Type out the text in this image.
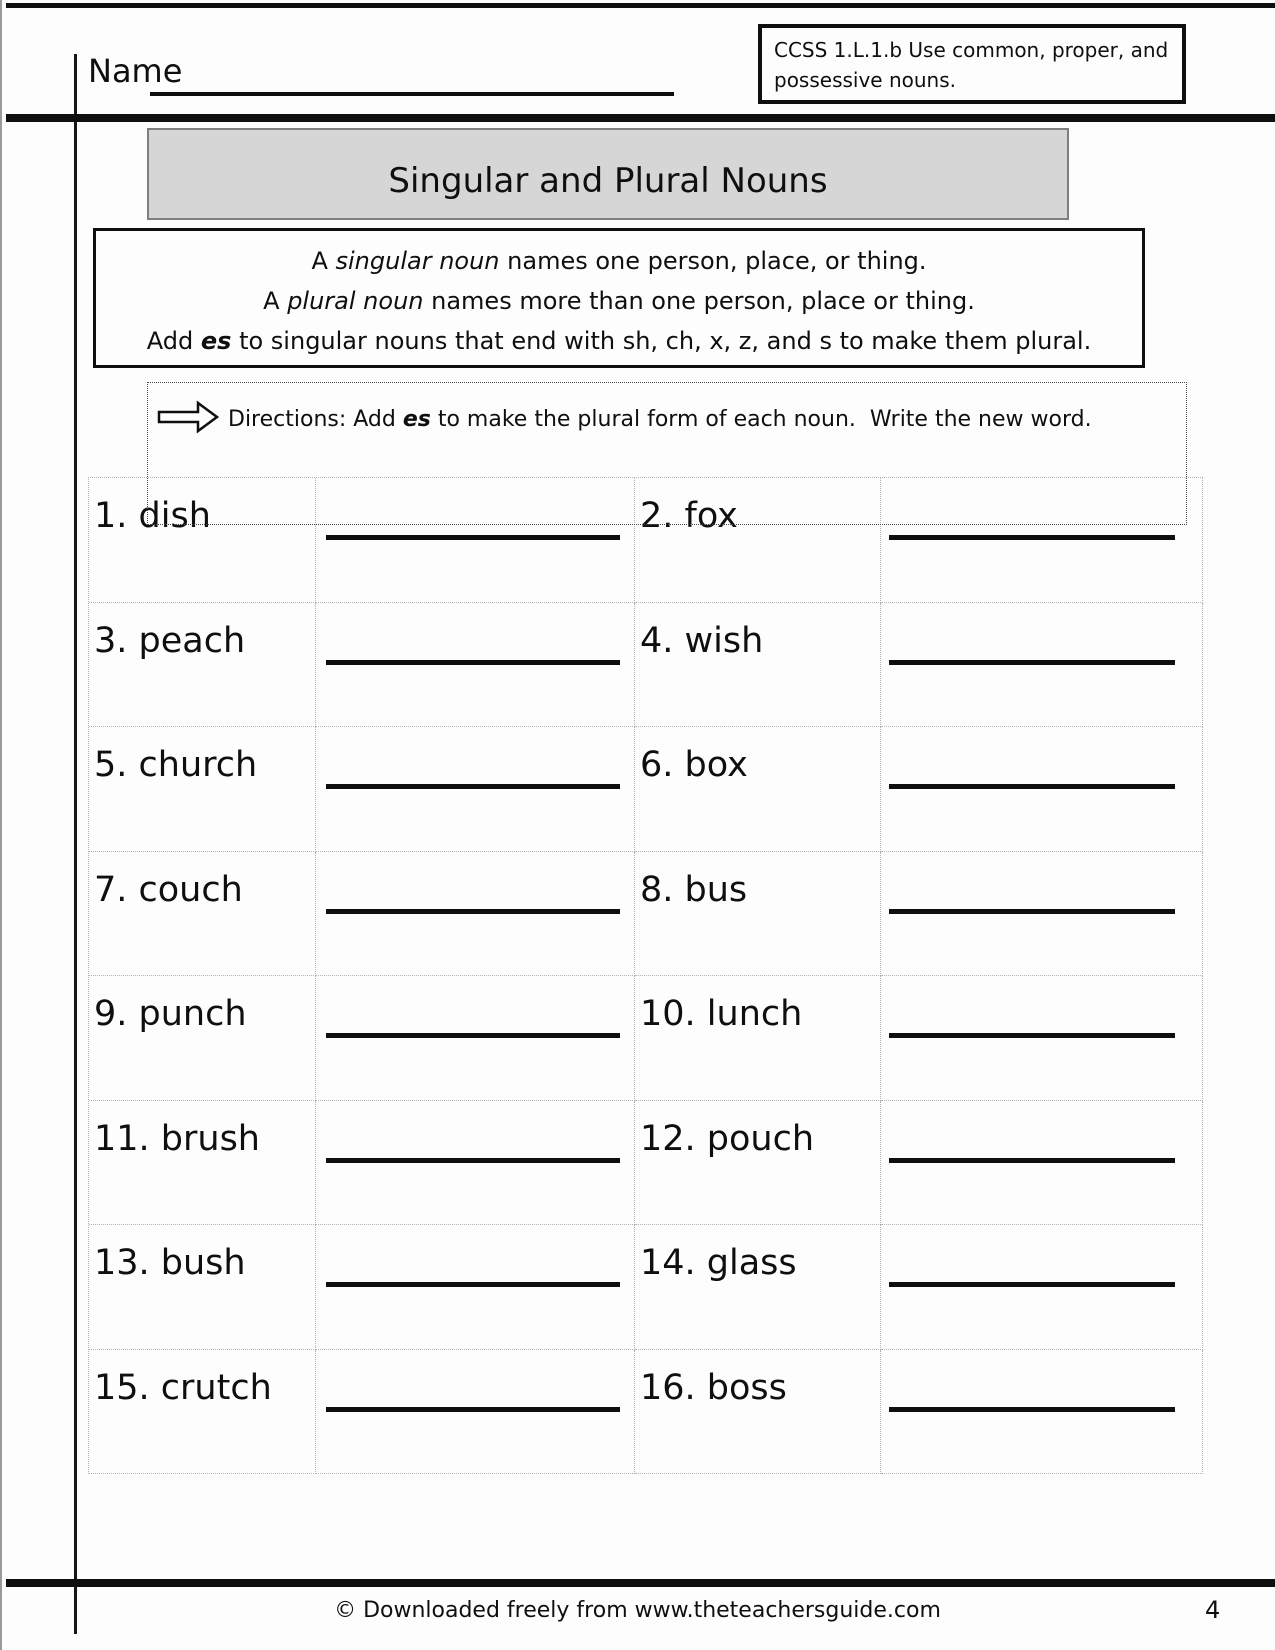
Name
CCSS 1.L.1.b Use common, proper, and
possessive nouns.
Singular and Plural Nouns
A singular noun names one person, place, or thing.
A plural noun names more than one person, place or thing.
Add es to singular nouns that end with sh, ch, x, z, and s to make them plural.
1. dish	2. fox
3. peach	4. wish
5. church	6. box
7. couch	8. bus
9. punch	10. lunch
11. brush	12. pouch
13. bush	14. glass
15. crutch	16. boss
Directions: Add es to make the plural form of each noun.  Write the new word.
© Downloaded freely from www.theteachersguide.com	4
